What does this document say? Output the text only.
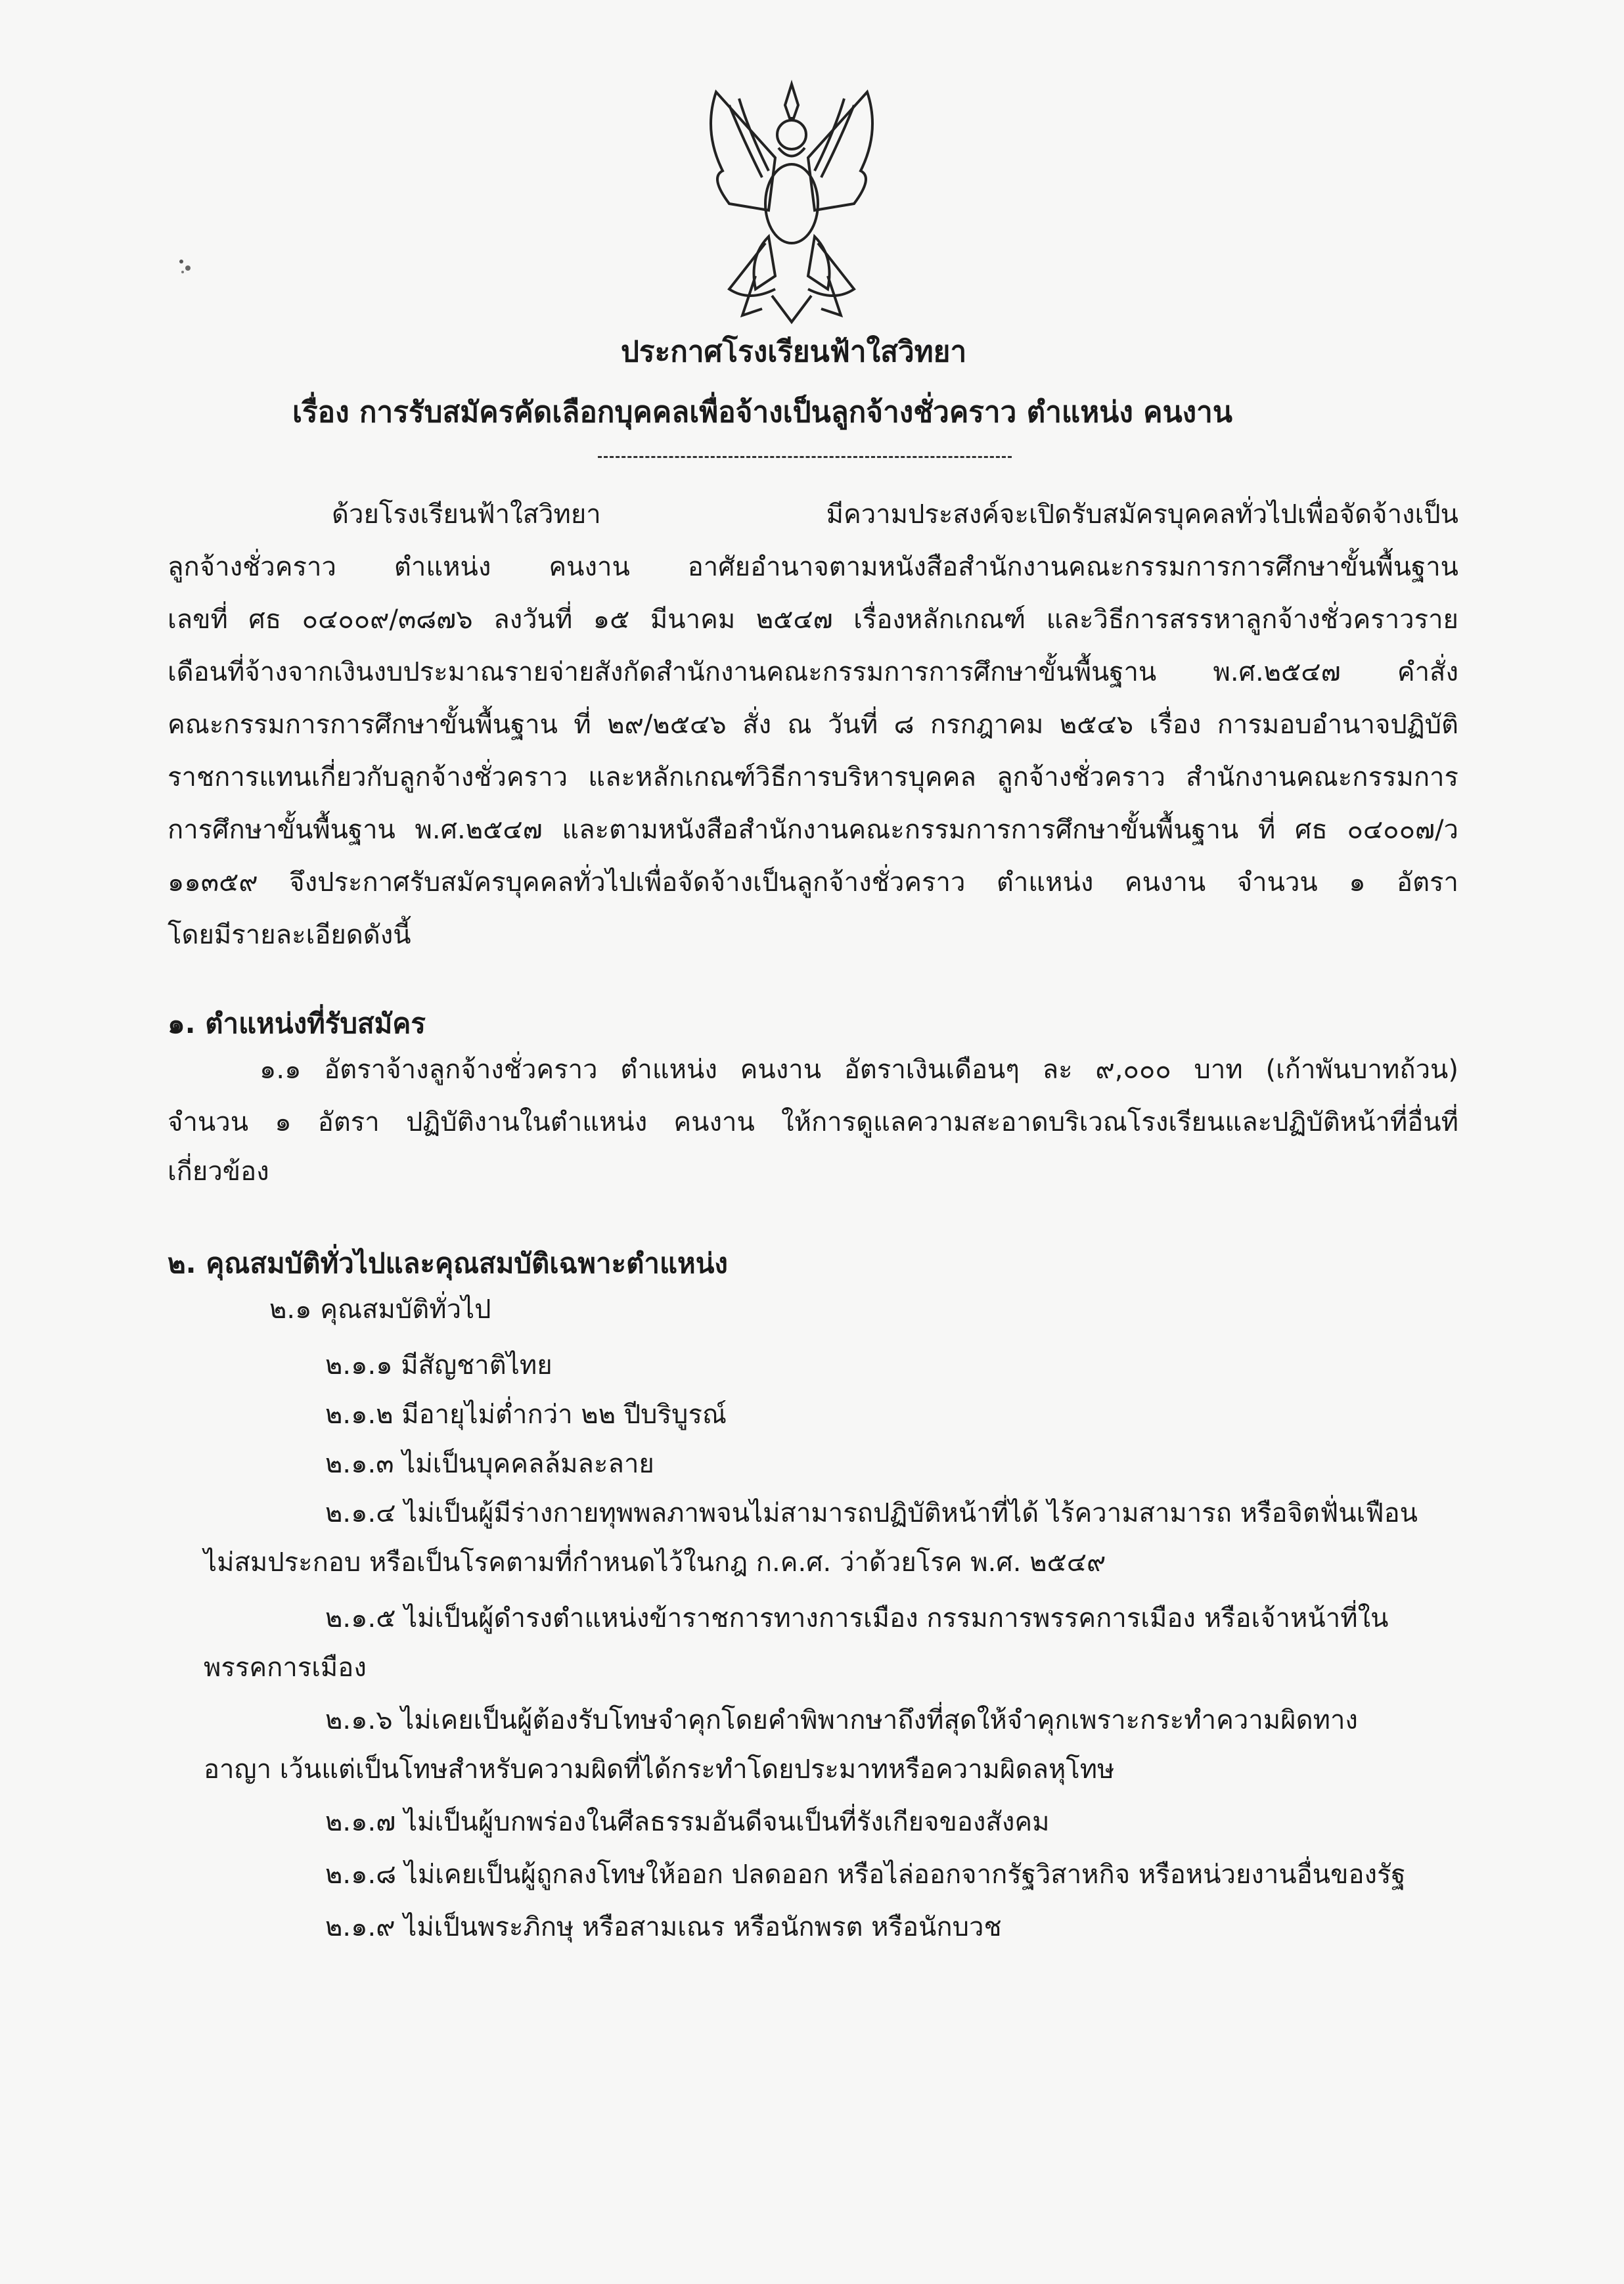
ประกาศโรงเรียนฟ้าใสวิทยา
เรื่อง การรับสมัครคัดเลือกบุคคลเพื่อจ้างเป็นลูกจ้างชั่วคราว ตำแหน่ง คนงาน
ด้วยโรงเรียนฟ้าใสวิทยา มีความประสงค์จะเปิดรับสมัครบุคคลทั่วไปเพื่อจัดจ้างเป็น
ลูกจ้างชั่วคราว ตำแหน่ง คนงาน อาศัยอำนาจตามหนังสือสำนักงานคณะกรรมการการศึกษาขั้นพื้นฐาน
เลขที่ ศธ ๐๔๐๐๙/๓๘๗๖ ลงวันที่ ๑๕ มีนาคม ๒๕๔๗ เรื่องหลักเกณฑ์ และวิธีการสรรหาลูกจ้างชั่วคราวราย
เดือนที่จ้างจากเงินงบประมาณรายจ่ายสังกัดสำนักงานคณะกรรมการการศึกษาขั้นพื้นฐาน พ.ศ.๒๕๔๗ คำสั่ง
คณะกรรมการการศึกษาขั้นพื้นฐาน ที่ ๒๙/๒๕๔๖ สั่ง ณ วันที่ ๘ กรกฎาคม ๒๕๔๖ เรื่อง การมอบอำนาจปฏิบัติ
ราชการแทนเกี่ยวกับลูกจ้างชั่วคราว และหลักเกณฑ์วิธีการบริหารบุคคล ลูกจ้างชั่วคราว สำนักงานคณะกรรมการ
การศึกษาขั้นพื้นฐาน พ.ศ.๒๕๔๗ และตามหนังสือสำนักงานคณะกรรมการการศึกษาขั้นพื้นฐาน ที่ ศธ ๐๔๐๐๗/ว
๑๑๓๕๙ จึงประกาศรับสมัครบุคคลทั่วไปเพื่อจัดจ้างเป็นลูกจ้างชั่วคราว ตำแหน่ง คนงาน จำนวน ๑ อัตรา
โดยมีรายละเอียดดังนี้
๑. ตำแหน่งที่รับสมัคร
๑.๑ อัตราจ้างลูกจ้างชั่วคราว ตำแหน่ง คนงาน อัตราเงินเดือนๆ ละ ๙,๐๐๐ บาท (เก้าพันบาทถ้วน)
จำนวน ๑ อัตรา ปฏิบัติงานในตำแหน่ง คนงาน ให้การดูแลความสะอาดบริเวณโรงเรียนและปฏิบัติหน้าที่อื่นที่
เกี่ยวข้อง
๒. คุณสมบัติทั่วไปและคุณสมบัติเฉพาะตำแหน่ง
๒.๑ คุณสมบัติทั่วไป
๒.๑.๑ มีสัญชาติไทย
๒.๑.๒ มีอายุไม่ต่ำกว่า ๒๒ ปีบริบูรณ์
๒.๑.๓ ไม่เป็นบุคคลล้มละลาย
๒.๑.๔ ไม่เป็นผู้มีร่างกายทุพพลภาพจนไม่สามารถปฏิบัติหน้าที่ได้ ไร้ความสามารถ หรือจิตฟั่นเฟือน
ไม่สมประกอบ หรือเป็นโรคตามที่กำหนดไว้ในกฎ ก.ค.ศ. ว่าด้วยโรค พ.ศ. ๒๕๔๙
๒.๑.๕ ไม่เป็นผู้ดำรงตำแหน่งข้าราชการทางการเมือง กรรมการพรรคการเมือง หรือเจ้าหน้าที่ใน
พรรคการเมือง
๒.๑.๖ ไม่เคยเป็นผู้ต้องรับโทษจำคุกโดยคำพิพากษาถึงที่สุดให้จำคุกเพราะกระทำความผิดทาง
อาญา เว้นแต่เป็นโทษสำหรับความผิดที่ได้กระทำโดยประมาทหรือความผิดลหุโทษ
๒.๑.๗ ไม่เป็นผู้บกพร่องในศีลธรรมอันดีจนเป็นที่รังเกียจของสังคม
๒.๑.๘ ไม่เคยเป็นผู้ถูกลงโทษให้ออก ปลดออก หรือไล่ออกจากรัฐวิสาหกิจ หรือหน่วยงานอื่นของรัฐ
๒.๑.๙ ไม่เป็นพระภิกษุ หรือสามเณร หรือนักพรต หรือนักบวช
